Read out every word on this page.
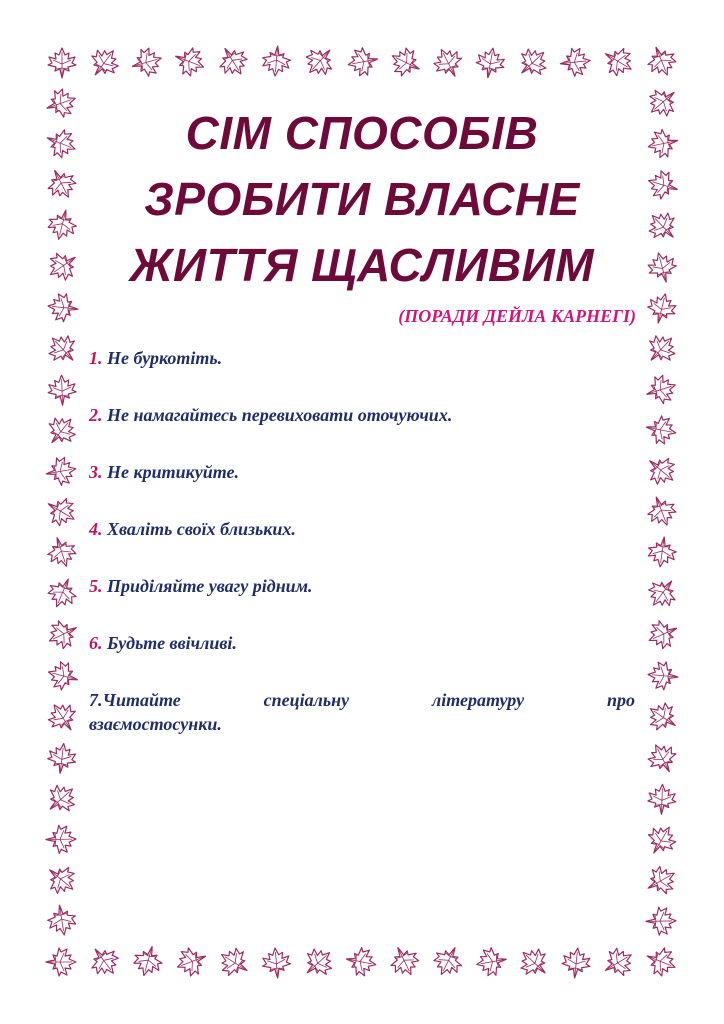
СІМ СПОСОБІВ
ЗРОБИТИ ВЛАСНЕ
ЖИТТЯ ЩАСЛИВИМ

(ПОРАДИ ДЕЙЛА КАРНЕГІ)

1. Не буркотіть.
2. Не намагайтесь перевиховати оточуючих.
3. Не критикуйте.
4. Хваліть своїх близьких.
5. Приділяйте увагу рідним.
6. Будьте ввічливі.
7.Читайте	спеціальну	літературу	про
взаємостосунки.
